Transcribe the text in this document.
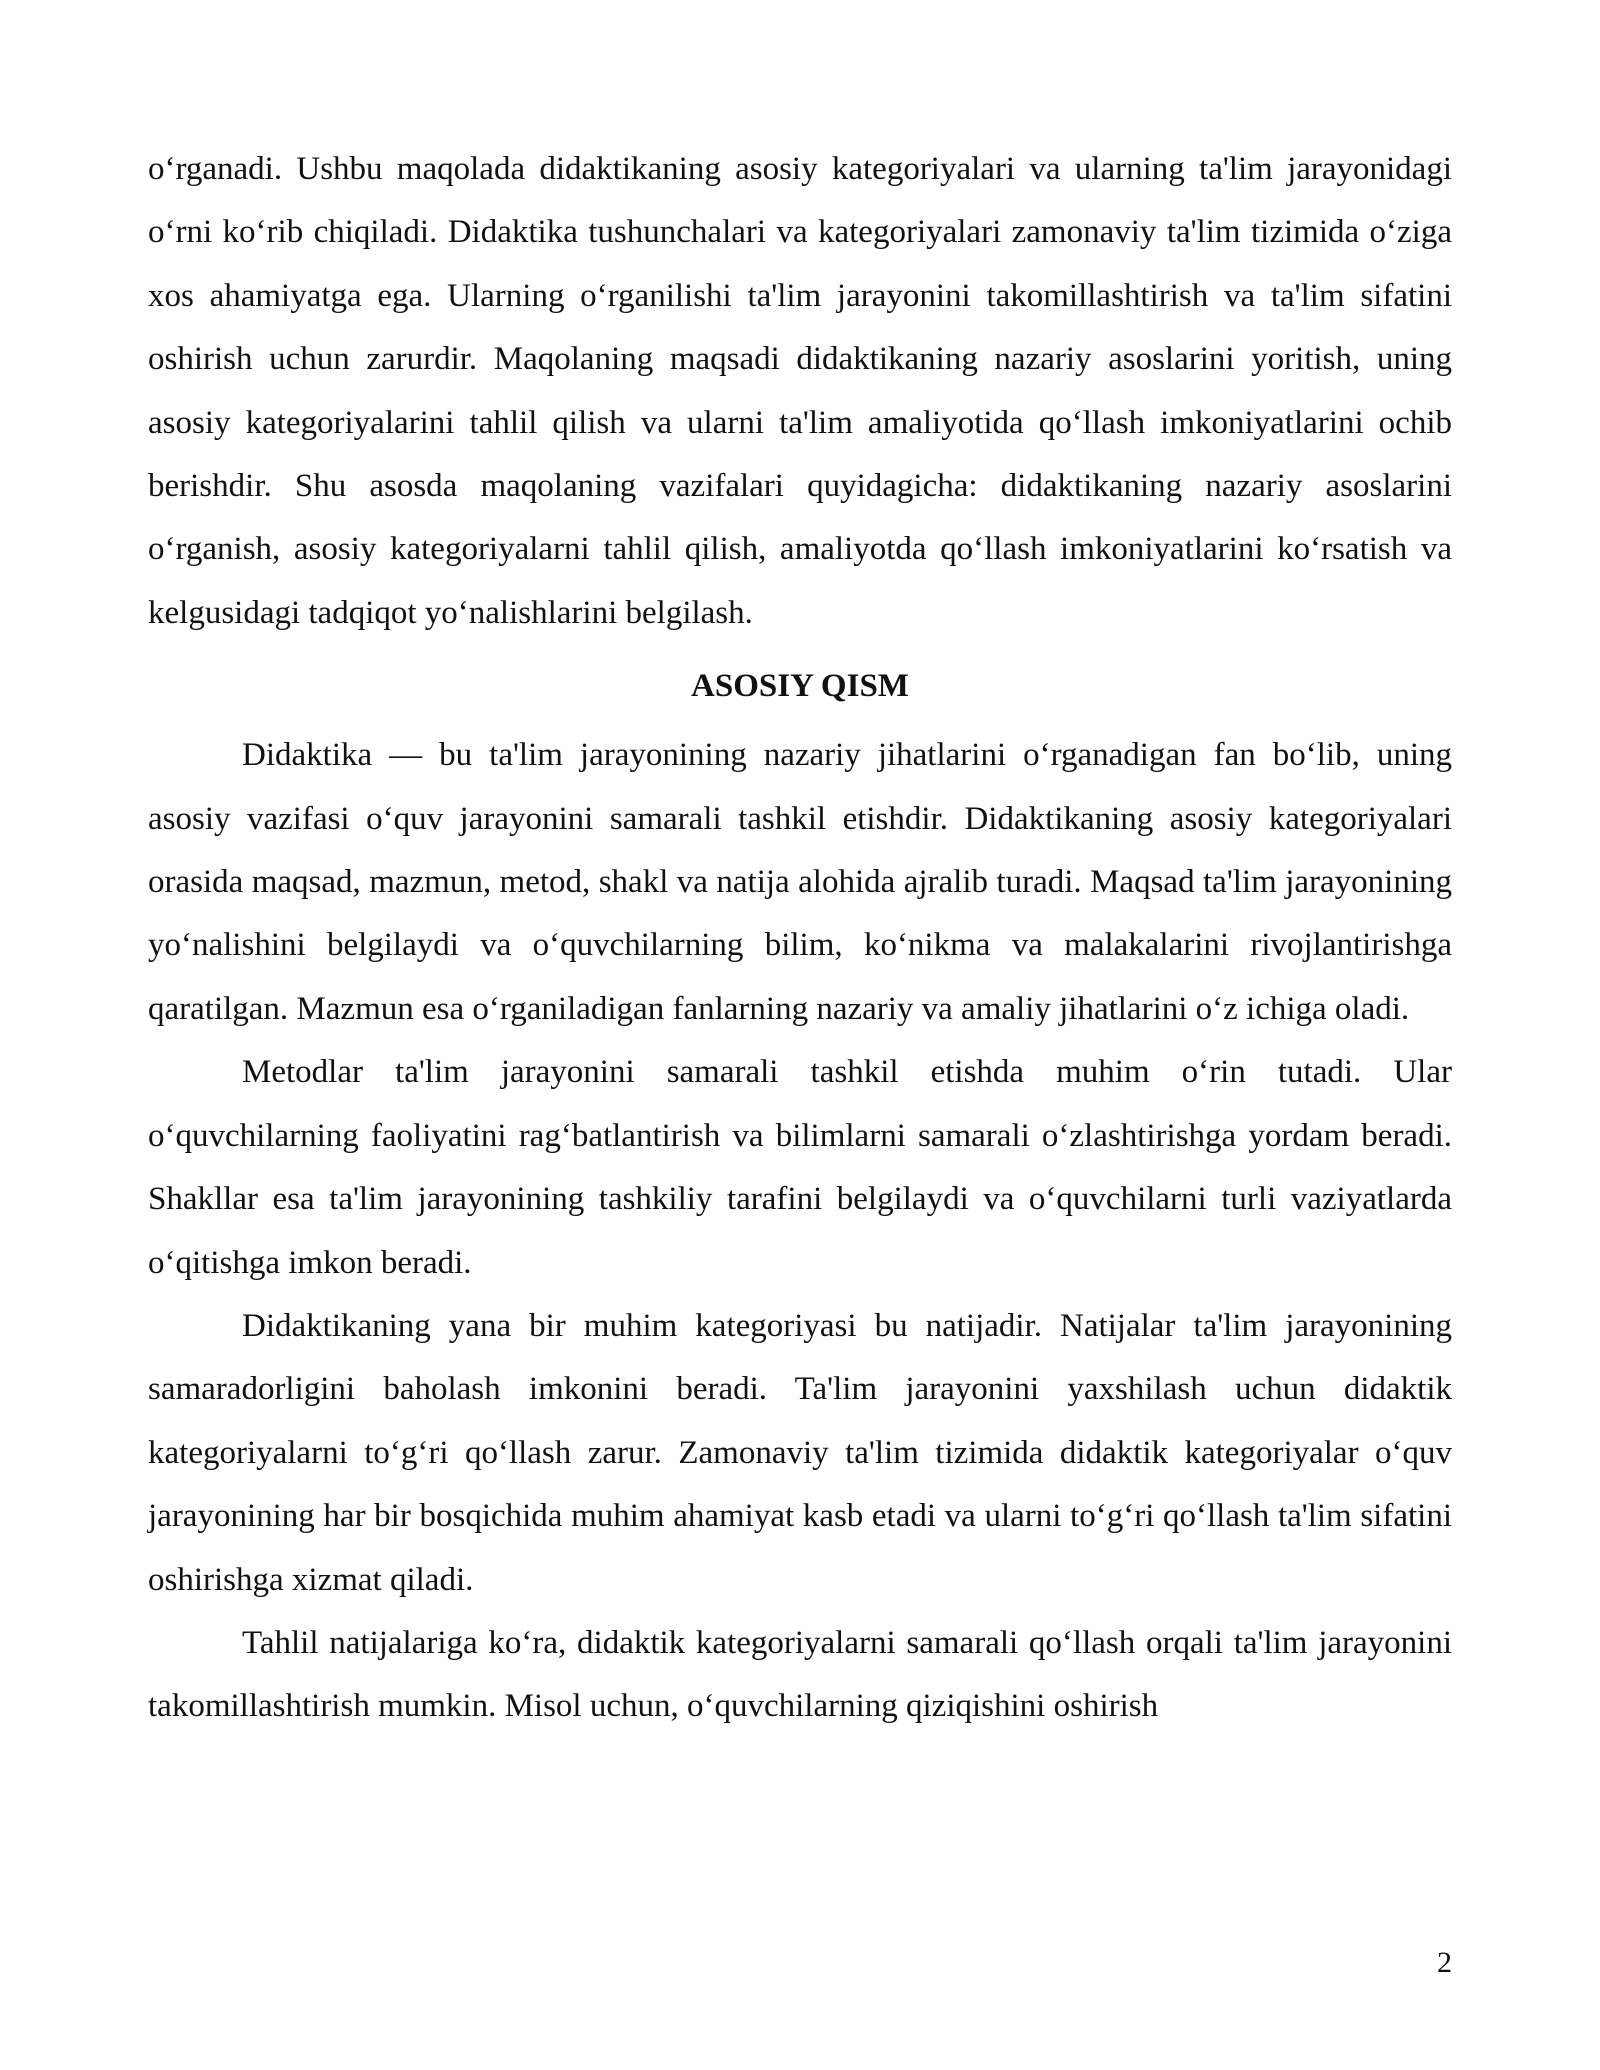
o‘rganadi. Ushbu maqolada didaktikaning asosiy kategoriyalari va ularning ta'lim jarayonidagi o‘rni ko‘rib chiqiladi. Didaktika tushunchalari va kategoriyalari zamonaviy ta'lim tizimida o‘ziga xos ahamiyatga ega. Ularning o‘rganilishi ta'lim jarayonini takomillashtirish va ta'lim sifatini oshirish uchun zarurdir. Maqolaning maqsadi didaktikaning nazariy asoslarini yoritish, uning asosiy kategoriyalarini tahlil qilish va ularni ta'lim amaliyotida qo‘llash imkoniyatlarini ochib berishdir. Shu asosda maqolaning vazifalari quyidagicha: didaktikaning nazariy asoslarini o‘rganish, asosiy kategoriyalarni tahlil qilish, amaliyotda qo‘llash imkoniyatlarini ko‘rsatish va kelgusidagi tadqiqot yo‘nalishlarini belgilash.

ASOSIY QISM

Didaktika — bu ta'lim jarayonining nazariy jihatlarini o‘rganadigan fan bo‘lib, uning asosiy vazifasi o‘quv jarayonini samarali tashkil etishdir. Didaktikaning asosiy kategoriyalari orasida maqsad, mazmun, metod, shakl va natija alohida ajralib turadi. Maqsad ta'lim jarayonining yo‘nalishini belgilaydi va o‘quvchilarning bilim, ko‘nikma va malakalarini rivojlantirishga qaratilgan. Mazmun esa o‘rganiladigan fanlarning nazariy va amaliy jihatlarini o‘z ichiga oladi.

Metodlar ta'lim jarayonini samarali tashkil etishda muhim o‘rin tutadi. Ular o‘quvchilarning faoliyatini rag‘batlantirish va bilimlarni samarali o‘zlashtirishga yordam beradi. Shakllar esa ta'lim jarayonining tashkiliy tarafini belgilaydi va o‘quvchilarni turli vaziyatlarda o‘qitishga imkon beradi.

Didaktikaning yana bir muhim kategoriyasi bu natijadir. Natijalar ta'lim jarayonining samaradorligini baholash imkonini beradi. Ta'lim jarayonini yaxshilash uchun didaktik kategoriyalarni to‘g‘ri qo‘llash zarur. Zamonaviy ta'lim tizimida didaktik kategoriyalar o‘quv jarayonining har bir bosqichida muhim ahamiyat kasb etadi va ularni to‘g‘ri qo‘llash ta'lim sifatini oshirishga xizmat qiladi.

Tahlil natijalariga ko‘ra, didaktik kategoriyalarni samarali qo‘llash orqali ta'lim jarayonini takomillashtirish mumkin. Misol uchun, o‘quvchilarning qiziqishini oshirish

2
